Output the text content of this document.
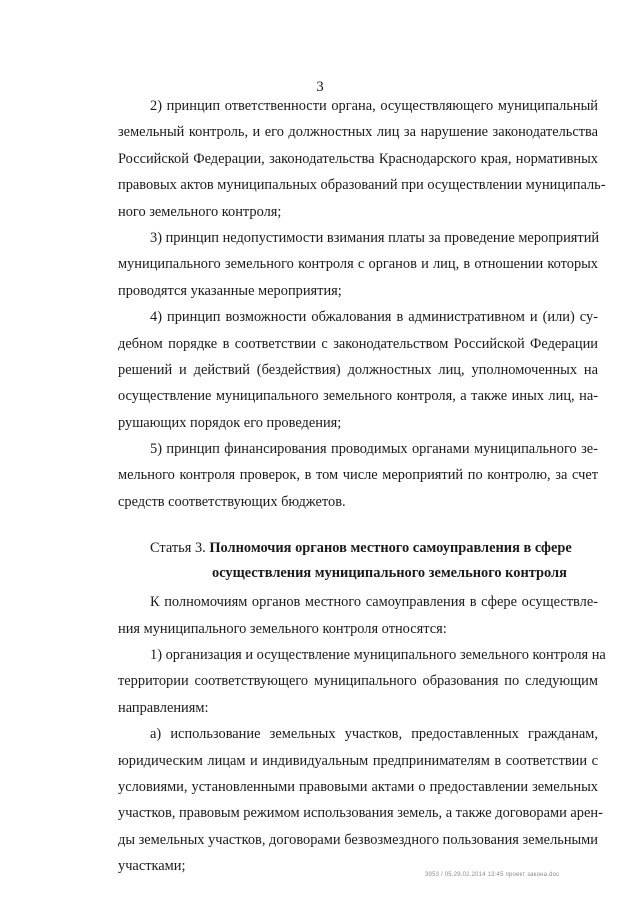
3
2) принцип ответственности органа, осуществляющего муниципальный
земельный контроль, и его должностных лиц за нарушение законодательства
Российской Федерации, законодательства Краснодарского края, нормативных
правовых актов муниципальных образований при осуществлении муниципаль-
ного земельного контроля;
3) принцип недопустимости взимания платы за проведение мероприятий
муниципального земельного контроля с органов и лиц, в отношении которых
проводятся указанные мероприятия;
4) принцип возможности обжалования в административном и (или) су-
дебном порядке в соответствии с законодательством Российской Федерации
решений и действий (бездействия) должностных лиц, уполномоченных на
осуществление муниципального земельного контроля, а также иных лиц, на-
рушающих порядок его проведения;
5) принцип финансирования проводимых органами муниципального зе-
мельного контроля проверок, в том числе мероприятий по контролю, за счет
средств соответствующих бюджетов.
Статья 3. Полномочия органов местного самоуправления в сфере
осуществления муниципального земельного контроля
К полномочиям органов местного самоуправления в сфере осуществле-
ния муниципального земельного контроля относятся:
1) организация и осуществление муниципального земельного контроля на
территории соответствующего муниципального образования по следующим
направлениям:
а) использование земельных участков, предоставленных гражданам,
юридическим лицам и индивидуальным предпринимателям в соответствии с
условиями, установленными правовыми актами о предоставлении земельных
участков, правовым режимом использования земель, а также договорами арен-
ды земельных участков, договорами безвозмездного пользования земельными
участками;
3953 / 05.29.02.2014 13:45 проект закона.doc
